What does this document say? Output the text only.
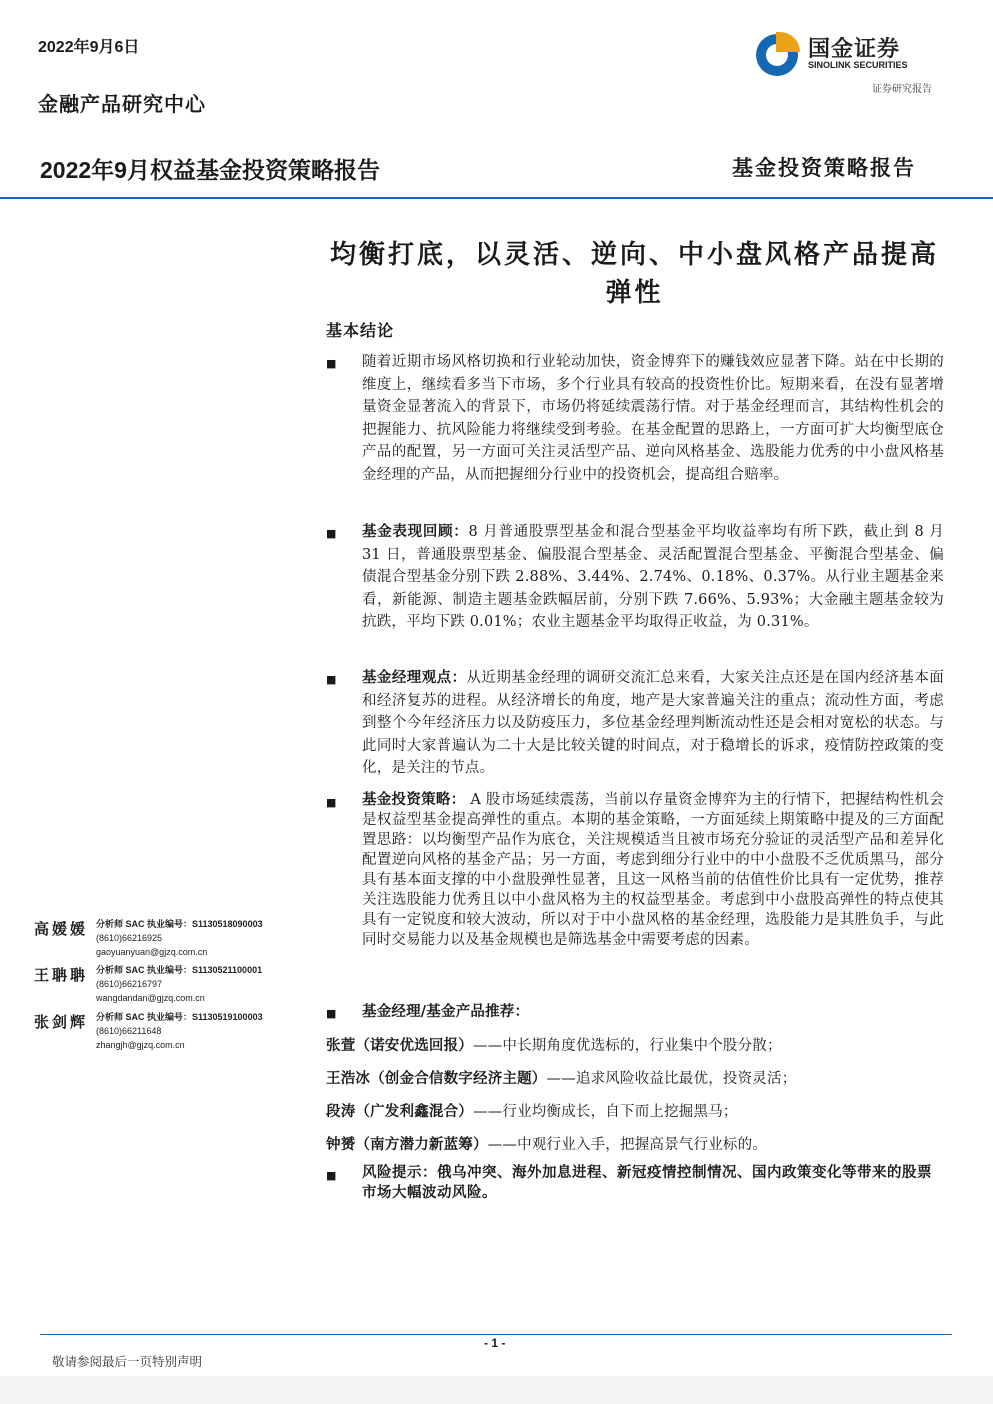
2022年9月6日
金融产品研究中心
国金证券
SINOLINK SECURITIES
证券研究报告
2022年9月权益基金投资策略报告	基金投资策略报告
均衡打底，以灵活、逆向、中小盘风格产品提高弹性
基本结论
■ 随着近期市场风格切换和行业轮动加快，资金博弈下的赚钱效应显著下降。站在中长期的维度上，继续看多当下市场，多个行业具有较高的投资性价比。短期来看，在没有显著增量资金显著流入的背景下，市场仍将延续震荡行情。对于基金经理而言，其结构性机会的把握能力、抗风险能力将继续受到考验。在基金配置的思路上，一方面可扩大均衡型底仓产品的配置，另一方面可关注灵活型产品、逆向风格基金、选股能力优秀的中小盘风格基金经理的产品，从而把握细分行业中的投资机会，提高组合赔率。
■ 基金表现回顾：8 月普通股票型基金和混合型基金平均收益率均有所下跌，截止到 8 月 31 日，普通股票型基金、偏股混合型基金、灵活配置混合型基金、平衡混合型基金、偏债混合型基金分别下跌 2.88%、3.44%、2.74%、0.18%、0.37%。从行业主题基金来看，新能源、制造主题基金跌幅居前，分别下跌 7.66%、5.93%；大金融主题基金较为抗跌，平均下跌 0.01%；农业主题基金平均取得正收益，为 0.31%。
■ 基金经理观点：从近期基金经理的调研交流汇总来看，大家关注点还是在国内经济基本面和经济复苏的进程。从经济增长的角度，地产是大家普遍关注的重点；流动性方面，考虑到整个今年经济压力以及防疫压力，多位基金经理判断流动性还是会相对宽松的状态。与此同时大家普遍认为二十大是比较关键的时间点，对于稳增长的诉求，疫情防控政策的变化，是关注的节点。
■ 基金投资策略： A 股市场延续震荡，当前以存量资金博弈为主的行情下，把握结构性机会是权益型基金提高弹性的重点。本期的基金策略，一方面延续上期策略中提及的三方面配置思路：以均衡型产品作为底仓，关注规模适当且被市场充分验证的灵活型产品和差异化配置逆向风格的基金产品；另一方面，考虑到细分行业中的中小盘股不乏优质黑马，部分具有基本面支撑的中小盘股弹性显著，且这一风格当前的估值性价比具有一定优势，推荐关注选股能力优秀且以中小盘风格为主的权益型基金。考虑到中小盘股高弹性的特点使其具有一定锐度和较大波动，所以对于中小盘风格的基金经理，选股能力是其胜负手，与此同时交易能力以及基金规模也是筛选基金中需要考虑的因素。
■ 基金经理/基金产品推荐：
张萱（诺安优选回报）——中长期角度优选标的，行业集中个股分散；
王浩冰（创金合信数字经济主题）——追求风险收益比最优，投资灵活；
段涛（广发利鑫混合）——行业均衡成长，自下而上挖掘黑马；
钟赟（南方潜力新蓝筹）——中观行业入手，把握高景气行业标的。
■ 风险提示：俄乌冲突、海外加息进程、新冠疫情控制情况、国内政策变化等带来的股票市场大幅波动风险。
高媛媛 分析师 SAC 执业编号：S1130518090003
(8610)66216925
gaoyuanyuan@gjzq.com.cn
王聃聃 分析师 SAC 执业编号：S1130521100001
(8610)66216797
wangdandan@gjzq.com.cn
张剑辉 分析师 SAC 执业编号：S1130519100003
(8610)66211648
zhangjh@gjzq.com.cn
- 1 -
敬请参阅最后一页特别声明
